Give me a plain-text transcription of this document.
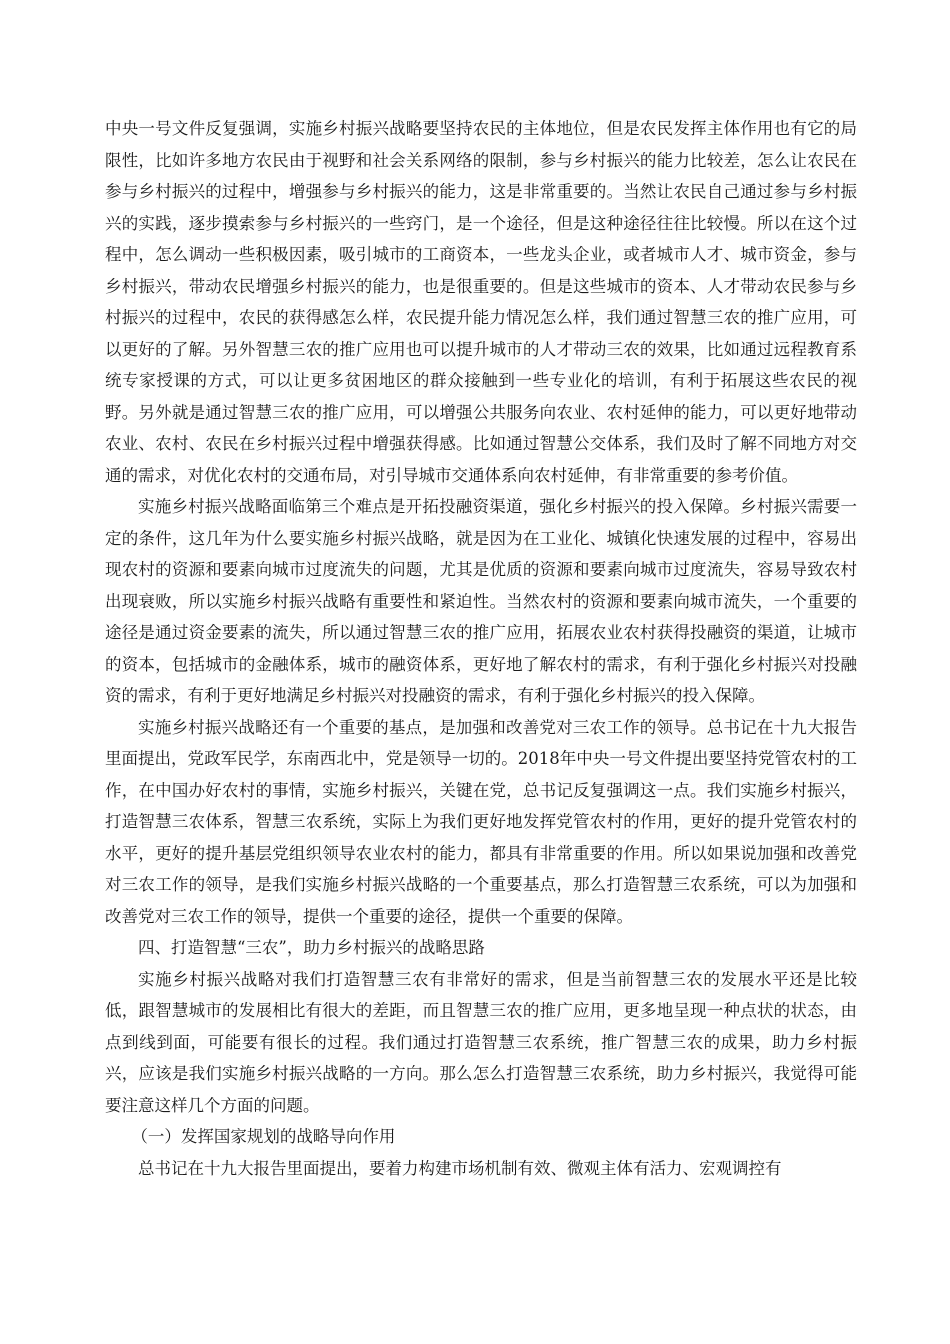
中央一号文件反复强调，实施乡村振兴战略要坚持农民的主体地位，但是农民发挥主体作用也有它的局限性，比如许多地方农民由于视野和社会关系网络的限制，参与乡村振兴的能力比较差，怎么让农民在参与乡村振兴的过程中，增强参与乡村振兴的能力，这是非常重要的。当然让农民自己通过参与乡村振兴的实践，逐步摸索参与乡村振兴的一些窍门，是一个途径，但是这种途径往往比较慢。所以在这个过程中，怎么调动一些积极因素，吸引城市的工商资本，一些龙头企业，或者城市人才、城市资金，参与乡村振兴，带动农民增强乡村振兴的能力，也是很重要的。但是这些城市的资本、人才带动农民参与乡村振兴的过程中，农民的获得感怎么样，农民提升能力情况怎么样，我们通过智慧三农的推广应用，可以更好的了解。另外智慧三农的推广应用也可以提升城市的人才带动三农的效果，比如通过远程教育系统专家授课的方式，可以让更多贫困地区的群众接触到一些专业化的培训，有利于拓展这些农民的视野。另外就是通过智慧三农的推广应用，可以增强公共服务向农业、农村延伸的能力，可以更好地带动农业、农村、农民在乡村振兴过程中增强获得感。比如通过智慧公交体系，我们及时了解不同地方对交通的需求，对优化农村的交通布局，对引导城市交通体系向农村延伸，有非常重要的参考价值。

实施乡村振兴战略面临第三个难点是开拓投融资渠道，强化乡村振兴的投入保障。乡村振兴需要一定的条件，这几年为什么要实施乡村振兴战略，就是因为在工业化、城镇化快速发展的过程中，容易出现农村的资源和要素向城市过度流失的问题，尤其是优质的资源和要素向城市过度流失，容易导致农村出现衰败，所以实施乡村振兴战略有重要性和紧迫性。当然农村的资源和要素向城市流失，一个重要的途径是通过资金要素的流失，所以通过智慧三农的推广应用，拓展农业农村获得投融资的渠道，让城市的资本，包括城市的金融体系，城市的融资体系，更好地了解农村的需求，有利于强化乡村振兴对投融资的需求，有利于更好地满足乡村振兴对投融资的需求，有利于强化乡村振兴的投入保障。

实施乡村振兴战略还有一个重要的基点，是加强和改善党对三农工作的领导。总书记在十九大报告里面提出，党政军民学，东南西北中，党是领导一切的。2018年中央一号文件提出要坚持党管农村的工作，在中国办好农村的事情，实施乡村振兴，关键在党，总书记反复强调这一点。我们实施乡村振兴，打造智慧三农体系，智慧三农系统，实际上为我们更好地发挥党管农村的作用，更好的提升党管农村的水平，更好的提升基层党组织领导农业农村的能力，都具有非常重要的作用。所以如果说加强和改善党对三农工作的领导，是我们实施乡村振兴战略的一个重要基点，那么打造智慧三农系统，可以为加强和改善党对三农工作的领导，提供一个重要的途径，提供一个重要的保障。

四、打造智慧“三农”，助力乡村振兴的战略思路

实施乡村振兴战略对我们打造智慧三农有非常好的需求，但是当前智慧三农的发展水平还是比较低，跟智慧城市的发展相比有很大的差距，而且智慧三农的推广应用，更多地呈现一种点状的状态，由点到线到面，可能要有很长的过程。我们通过打造智慧三农系统，推广智慧三农的成果，助力乡村振兴，应该是我们实施乡村振兴战略的一方向。那么怎么打造智慧三农系统，助力乡村振兴，我觉得可能要注意这样几个方面的问题。

（一）发挥国家规划的战略导向作用

总书记在十九大报告里面提出，要着力构建市场机制有效、微观主体有活力、宏观调控有
